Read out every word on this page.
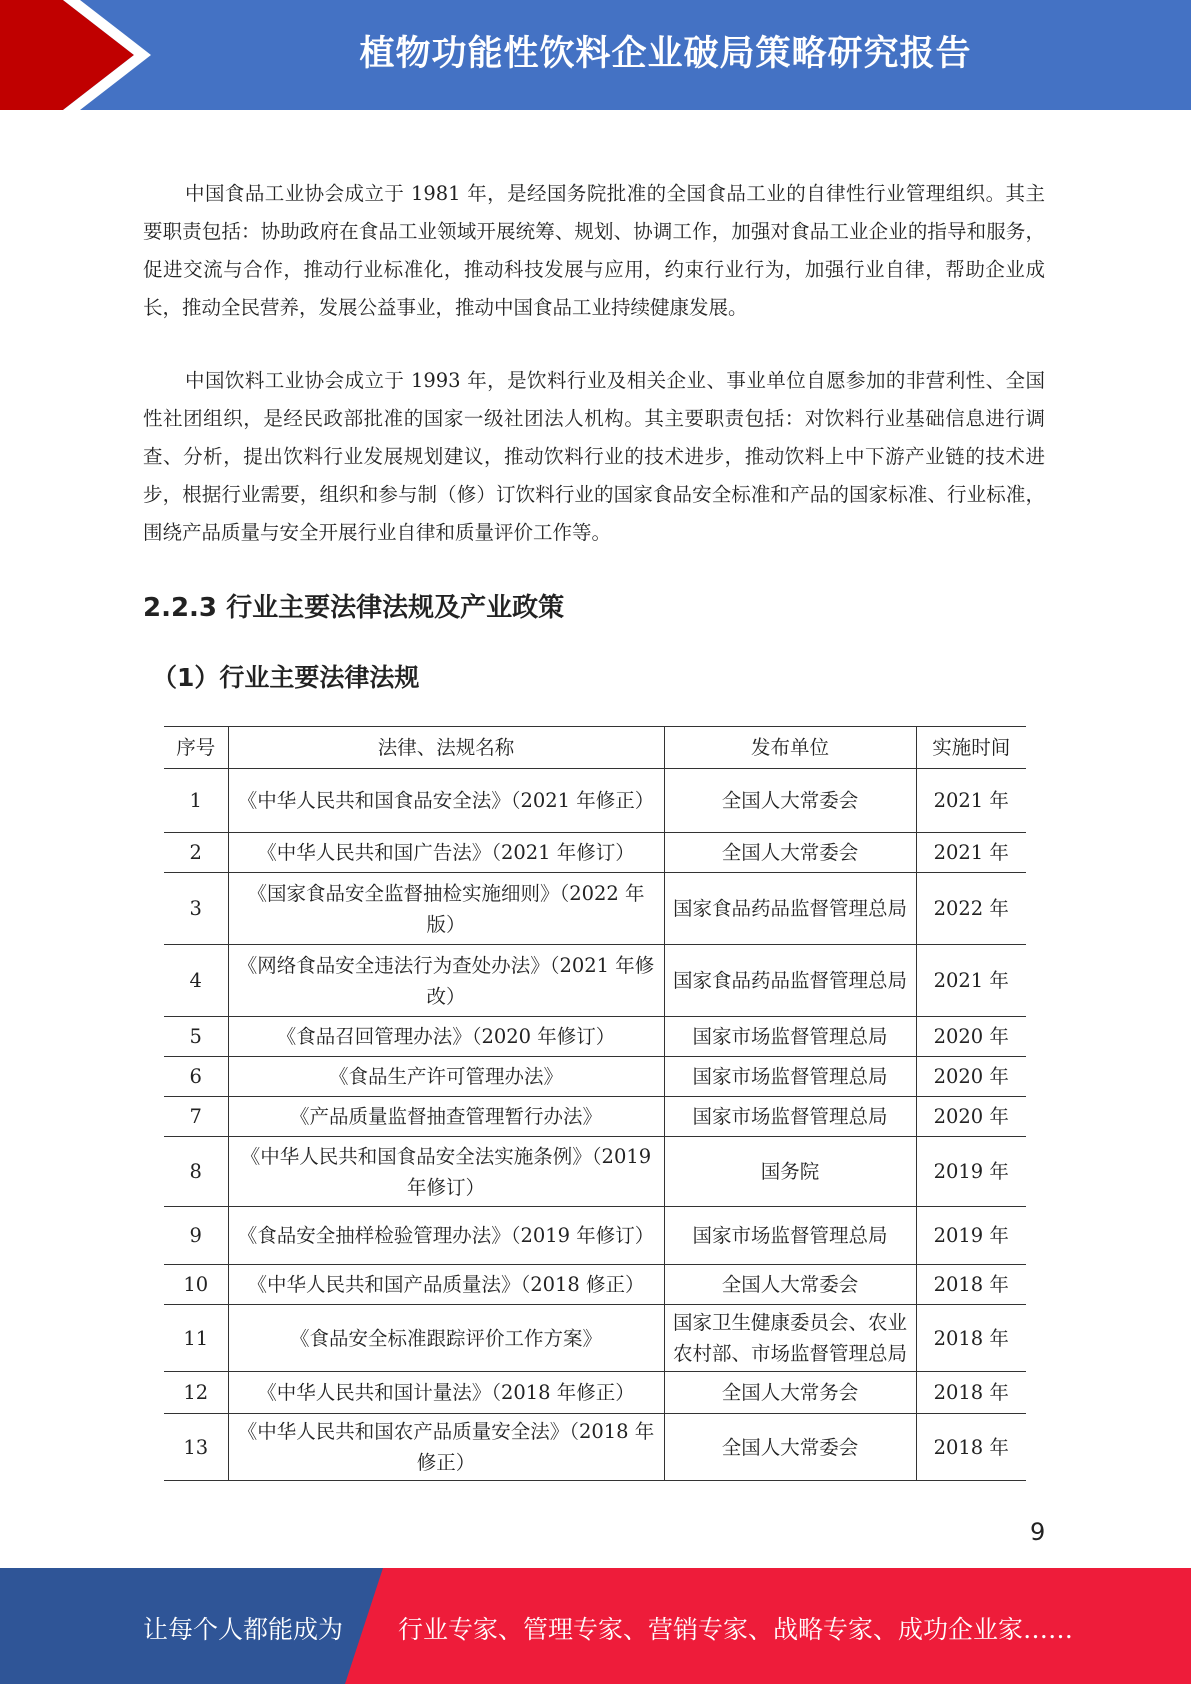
植物功能性饮料企业破局策略研究报告

中国食品工业协会成立于 1981 年，是经国务院批准的全国食品工业的自律性行业管理组织。其主要职责包括：协助政府在食品工业领域开展统筹、规划、协调工作，加强对食品工业企业的指导和服务，促进交流与合作，推动行业标准化，推动科技发展与应用，约束行业行为，加强行业自律，帮助企业成长，推动全民营养，发展公益事业，推动中国食品工业持续健康发展。

中国饮料工业协会成立于 1993 年，是饮料行业及相关企业、事业单位自愿参加的非营利性、全国性社团组织，是经民政部批准的国家一级社团法人机构。其主要职责包括：对饮料行业基础信息进行调查、分析，提出饮料行业发展规划建议，推动饮料行业的技术进步，推动饮料上中下游产业链的技术进步，根据行业需要，组织和参与制（修）订饮料行业的国家食品安全标准和产品的国家标准、行业标准，围绕产品质量与安全开展行业自律和质量评价工作等。

2.2.3 行业主要法律法规及产业政策
（1）行业主要法律法规
序号	法律、法规名称	发布单位	实施时间

1	《中华人民共和国食品安全法》（2021 年修正）	全国人大常委会	2021 年

2	《中华人民共和国广告法》（2021 年修订）	全国人大常委会	2021 年

3	《国家食品安全监督抽检实施细则》（2022 年版）	国家食品药品监督管理总局	2022 年

4	《网络食品安全违法行为查处办法》（2021 年修改）	国家食品药品监督管理总局	2021 年

5	《食品召回管理办法》（2020 年修订）	国家市场监督管理总局	2020 年

6	《食品生产许可管理办法》	国家市场监督管理总局	2020 年

7	《产品质量监督抽查管理暂行办法》	国家市场监督管理总局	2020 年

8	《中华人民共和国食品安全法实施条例》（2019 年修订）	国务院	2019 年

9	《食品安全抽样检验管理办法》（2019 年修订）	国家市场监督管理总局	2019 年

10	《中华人民共和国产品质量法》（2018 修正）	全国人大常委会	2018 年

11	《食品安全标准跟踪评价工作方案》	国家卫生健康委员会、农业农村部、市场监督管理总局	2018 年

12	《中华人民共和国计量法》（2018 年修正）	全国人大常务会	2018 年

13	《中华人民共和国农产品质量安全法》（2018 年修正）	全国人大常委会	2018 年
9
让每个人都能成为 行业专家、管理专家、营销专家、战略专家、成功企业家……
